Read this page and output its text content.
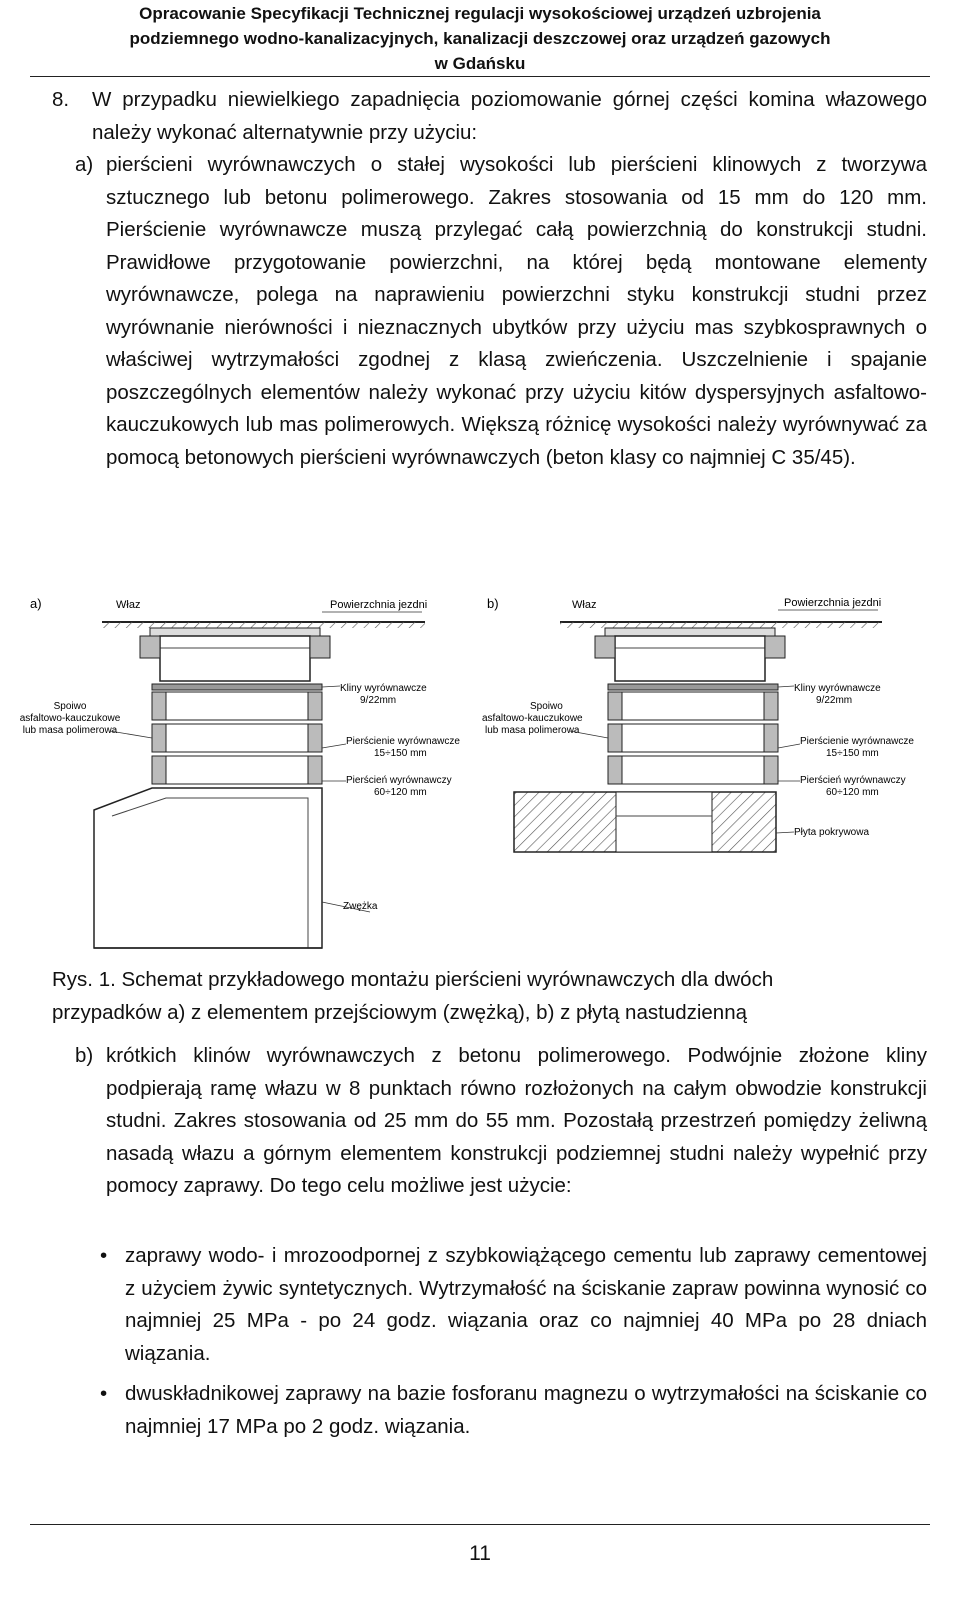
Opracowanie Specyfikacji Technicznej regulacji wysokościowej urządzeń uzbrojenia
podziemnego wodno-kanalizacyjnych, kanalizacji deszczowej oraz urządzeń gazowych
w Gdańsku
8.	W przypadku niewielkiego zapadnięcia poziomowanie górnej części komina włazowego należy wykonać alternatywnie przy użyciu:
a) pierścieni wyrównawczych o stałej wysokości lub pierścieni klinowych z tworzywa sztucznego lub betonu polimerowego. Zakres stosowania od 15 mm do 120 mm. Pierścienie wyrównawcze muszą przylegać całą powierzchnią do konstrukcji studni. Prawidłowe przygotowanie powierzchni, na której będą montowane elementy wyrównawcze, polega na naprawieniu powierzchni styku konstrukcji studni przez wyrównanie nierówności i nieznacznych ubytków przy użyciu mas szybkosprawnych o właściwej wytrzymałości zgodnej z klasą zwieńczenia. Uszczelnienie i spajanie poszczególnych elementów należy wykonać przy użyciu kitów dyspersyjnych asfaltowo-kauczukowych lub mas polimerowych. Większą różnicę wysokości należy wyrównywać za pomocą betonowych pierścieni wyrównawczych (beton klasy co najmniej C 35/45).
a)	Właz	Powierzchnia jezdni
Spoiwo
asfaltowo-kauczukowe
lub masa polimerowa
Kliny wyrównawcze
9/22mm
Pierścienie wyrównawcze
15÷150 mm
Pierścień wyrównawczy
60÷120 mm
Zwężka
b)	Właz	Powierzchnia jezdni
Spoiwo
asfaltowo-kauczukowe
lub masa polimerowa
Kliny wyrównawcze
9/22mm
Pierścienie wyrównawcze
15÷150 mm
Pierścień wyrównawczy
60÷120 mm
Płyta pokrywowa
Rys. 1. Schemat przykładowego montażu pierścieni wyrównawczych dla dwóch
przypadków a) z elementem przejściowym (zwężką), b) z płytą nastudzienną
b) krótkich klinów wyrównawczych z betonu polimerowego. Podwójnie złożone kliny podpierają ramę włazu w 8 punktach równo rozłożonych na całym obwodzie konstrukcji studni. Zakres stosowania od 25 mm do 55 mm. Pozostałą przestrzeń pomiędzy żeliwną nasadą włazu a górnym elementem konstrukcji podziemnej studni należy wypełnić przy pomocy zaprawy. Do tego celu możliwe jest użycie:
• zaprawy wodo- i mrozoodpornej z szybkowiążącego cementu lub zaprawy cementowej z użyciem żywic syntetycznych. Wytrzymałość na ściskanie zapraw powinna wynosić co najmniej 25 MPa - po 24 godz. wiązania oraz co najmniej 40 MPa po 28 dniach wiązania.
• dwuskładnikowej zaprawy na bazie fosforanu magnezu o wytrzymałości na ściskanie co najmniej 17 MPa po 2 godz. wiązania.
11
